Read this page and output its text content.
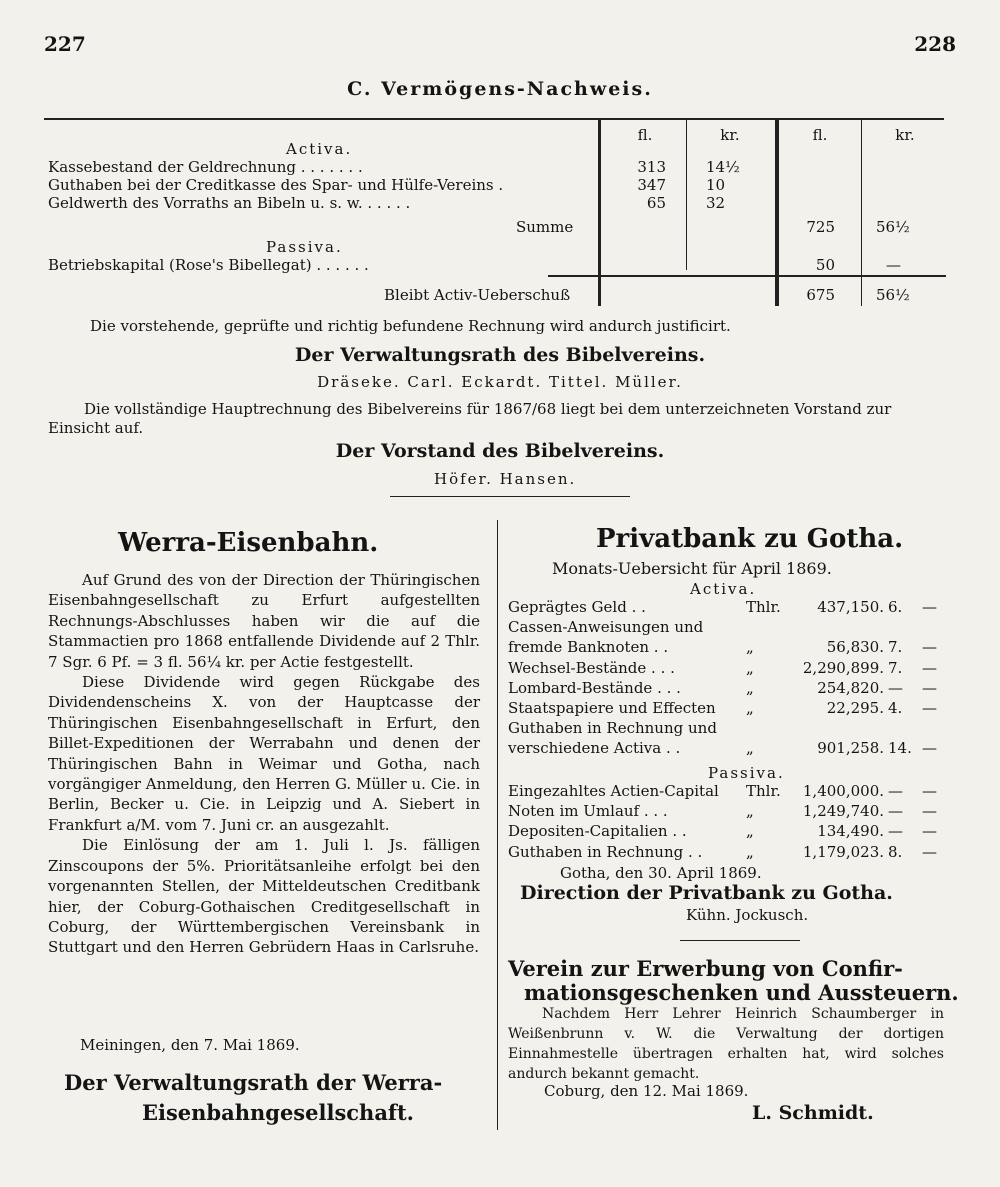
227	228
C. Vermögens-Nachweis.
fl.	kr.	fl.	kr.
Activa.
Kassebestand der Geldrechnung . . . . . . .	313	14½
Guthaben bei der Creditkasse des Spar- und Hülfe-Vereins .	347	10
Geldwerth des Vorraths an Bibeln u. s. w. . . . . .	65	32
Summe	725	56½
Passiva.
Betriebskapital (Rose's Bibellegat) . . . . . .	50	—
Bleibt Activ-Ueberschuß	675	56½
Die vorstehende, geprüfte und richtig befundene Rechnung wird andurch justificirt.
Der Verwaltungsrath des Bibelvereins.
Dräseke. Carl. Eckardt. Tittel. Müller.
Die vollständige Hauptrechnung des Bibelvereins für 1867/68 liegt bei dem unterzeichneten Vorstand zur
Einsicht auf.
Der Vorstand des Bibelvereins.
Höfer. Hansen.
Werra-Eisenbahn.

Auf Grund des von der Direction der Thüringischen Eisenbahngesellschaft zu Erfurt aufgestellten Rechnungs-Abschlusses haben wir die auf die Stammactien pro 1868 entfallende Dividende auf 2 Thlr. 7 Sgr. 6 Pf. = 3 fl. 56¼ kr. per Actie festgestellt.

Diese Dividende wird gegen Rückgabe des Dividendenscheins X. von der Hauptcasse der Thüringischen Eisenbahngesellschaft in Erfurt, den Billet-Expeditionen der Werrabahn und denen der Thüringischen Bahn in Weimar und Gotha, nach vorgängiger Anmeldung, den Herren G. Müller u. Cie. in Berlin, Becker u. Cie. in Leipzig und A. Siebert in Frankfurt a/M. vom 7. Juni cr. an ausgezahlt.

Die Einlösung der am 1. Juli l. Js. fälligen Zinscoupons der 5%. Prioritätsanleihe erfolgt bei den vorgenannten Stellen, der Mitteldeutschen Creditbank hier, der Coburg-Gothaischen Creditgesellschaft in Coburg, der Württembergischen Vereinsbank in Stuttgart und den Herren Gebrüdern Haas in Carlsruhe.

Meiningen, den 7. Mai 1869.
Der Verwaltungsrath der Werra-
Eisenbahngesellschaft.
Privatbank zu Gotha.
Monats-Uebersicht für April 1869.
Activa.
Geprägtes Geld . .	Thlr.	437,150. 6.	—
Cassen-Anweisungen und
fremde Banknoten . .	„	56,830. 7.	—
Wechsel-Bestände . . .	„	2,290,899. 7.	—
Lombard-Bestände . . .	„	254,820. —	—
Staatspapiere und Effecten „	22,295. 4.	—
Guthaben in Rechnung und
verschiedene Activa . .	„	901,258. 14. —
Passiva.
Eingezahltes Actien-Capital Thlr.	1,400,000. —	—
Noten im Umlauf . . .	„	1,249,740. —	—
Depositen-Capitalien . .	„	134,490. —	—
Guthaben in Rechnung . .	„	1,179,023. 8.	—
Gotha, den 30. April 1869.
Direction der Privatbank zu Gotha.
Kühn. Jockusch.
Verein zur Erwerbung von Confir-
mationsgeschenken und Aussteuern.

Nachdem Herr Lehrer Heinrich Schaumberger in Weißenbrunn v. W. die Verwaltung der dortigen Einnahmestelle übertragen erhalten hat, wird solches andurch bekannt gemacht.

Coburg, den 12. Mai 1869.
L. Schmidt.
